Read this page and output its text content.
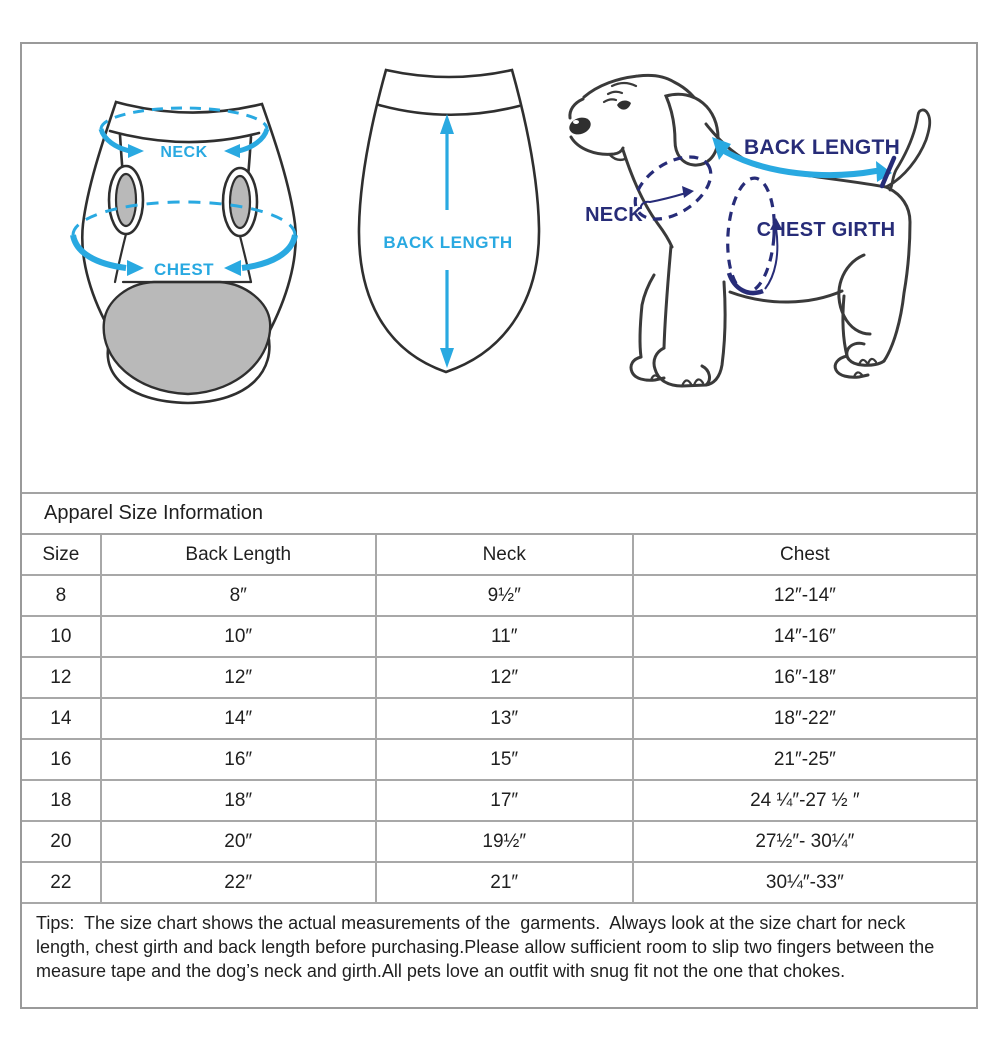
NECK
CHEST
BACK LENGTH
BACK LENGTH
NECK
CHEST GIRTH
Apparel Size Information
Size	Back Length	Neck	Chest
8	8″	9½″	12″-14″
10	10″	11″	14″-16″
12	12″	12″	16″-18″
14	14″	13″	18″-22″
16	16″	15″	21″-25″
18	18″	17″	24 ¼″-27 ½ ″
20	20″	19½″	27½″- 30¼″
22	22″	21″	30¼″-33″
Tips:  The size chart shows the actual measurements of the  garments.  Always look at the size chart for neck length, chest girth and back length before purchasing.Please allow sufficient room to slip two fingers between the measure tape and the dog’s neck and girth.All pets love an outfit with snug fit not the one that chokes.
